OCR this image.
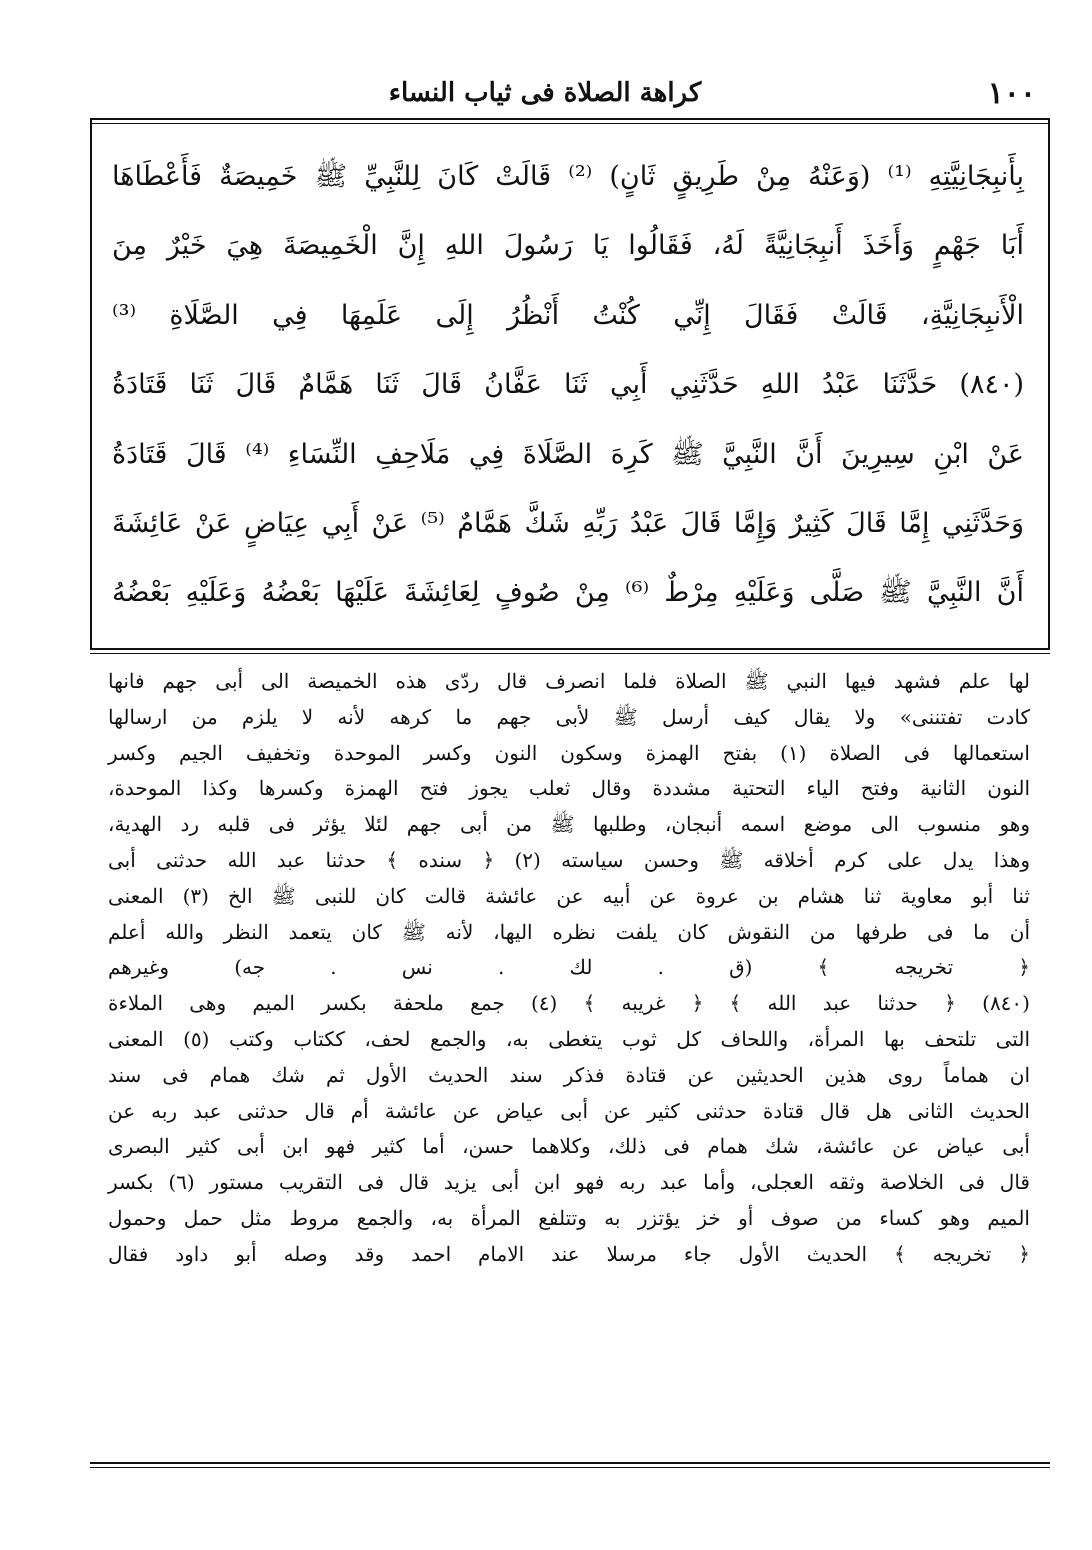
١٠٠
كراهة الصلاة فى ثياب النساء

بِأَنبِجَانِيَّتِهِ ⁽¹⁾ (وَعَنْهُ مِنْ طَرِيقٍ ثَانٍ) ⁽²⁾ قَالَتْ كَانَ لِلنَّبِيِّ ﷺ خَمِيصَةٌ فَأَعْطَاهَا

أَبَا جَهْمٍ وَأَخَذَ أَنبِجَانِيَّةً لَهُ، فَقَالُوا يَا رَسُولَ اللهِ إِنَّ الْخَمِيصَةَ هِيَ خَيْرٌ مِنَ

الْأَنبِجَانِيَّةِ، قَالَتْ فَقَالَ إِنِّي كُنْتُ أَنْظُرُ إِلَى عَلَمِهَا فِي الصَّلَاةِ ⁽³⁾

(٨٤٠) حَدَّثَنَا عَبْدُ اللهِ حَدَّثَنِي أَبِي ثَنَا عَفَّانُ قَالَ ثَنَا هَمَّامٌ قَالَ ثَنَا قَتَادَةُ

عَنْ ابْنِ سِيرِينَ أَنَّ النَّبِيَّ ﷺ كَرِهَ الصَّلَاةَ فِي مَلَاحِفِ النِّسَاءِ ⁽⁴⁾ قَالَ قَتَادَةُ

وَحَدَّثَنِي إِمَّا قَالَ كَثِيرٌ وَإِمَّا قَالَ عَبْدُ رَبِّهِ شَكَّ هَمَّامٌ ⁽⁵⁾ عَنْ أَبِي عِيَاضٍ عَنْ عَائِشَةَ

أَنَّ النَّبِيَّ ﷺ صَلَّى وَعَلَيْهِ مِرْطٌ ⁽⁶⁾ مِنْ صُوفٍ لِعَائِشَةَ عَلَيْهَا بَعْضُهُ وَعَلَيْهِ بَعْضُهُ

لها علم فشهد فيها النبي ﷺ الصلاة فلما انصرف قال ردّى هذه الخميصة الى أبى جهم فانها

كادت تفتننى» ولا يقال كيف أرسل ﷺ لأبى جهم ما كرهه لأنه لا يلزم من ارسالها

استعمالها فى الصلاة (١) بفتح الهمزة وسكون النون وكسر الموحدة وتخفيف الجيم وكسر

النون الثانية وفتح الياء التحتية مشددة وقال ثعلب يجوز فتح الهمزة وكسرها وكذا الموحدة،

وهو منسوب الى موضع اسمه أنبجان، وطلبها ﷺ من أبى جهم لئلا يؤثر فى قلبه رد الهدية،

وهذا يدل على كرم أخلاقه ﷺ وحسن سياسته (٢) ﴿ سنده ﴾ حدثنا عبد الله حدثنى أبى

ثنا أبو معاوية ثنا هشام بن عروة عن أبيه عن عائشة قالت كان للنبى ﷺ الخ (٣) المعنى

أن ما فى طرفها من النقوش كان يلفت نظره اليها، لأنه ﷺ كان يتعمد النظر والله أعلم

﴿ تخريجه ﴾ (ق . لك . نس . جه) وغيرهم

(٨٤٠) ﴿ حدثنا عبد الله ﴾ ﴿ غريبه ﴾ (٤) جمع ملحفة بكسر الميم وهى الملاءة

التى تلتحف بها المرأة، واللحاف كل ثوب يتغطى به، والجمع لحف، ككتاب وكتب (٥) المعنى

ان هماماً روى هذين الحديثين عن قتادة فذكر سند الحديث الأول ثم شك همام فى سند

الحديث الثانى هل قال قتادة حدثنى كثير عن أبى عياض عن عائشة أم قال حدثنى عبد ربه عن

أبى عياض عن عائشة، شك همام فى ذلك، وكلاهما حسن، أما كثير فهو ابن أبى كثير البصرى

قال فى الخلاصة وثقه العجلى، وأما عبد ربه فهو ابن أبى يزيد قال فى التقريب مستور (٦) بكسر

الميم وهو كساء من صوف أو خز يؤتزر به وتتلفع المرأة به، والجمع مروط مثل حمل وحمول

﴿ تخريجه ﴾ الحديث الأول جاء مرسلا عند الامام احمد وقد وصله أبو داود فقال
